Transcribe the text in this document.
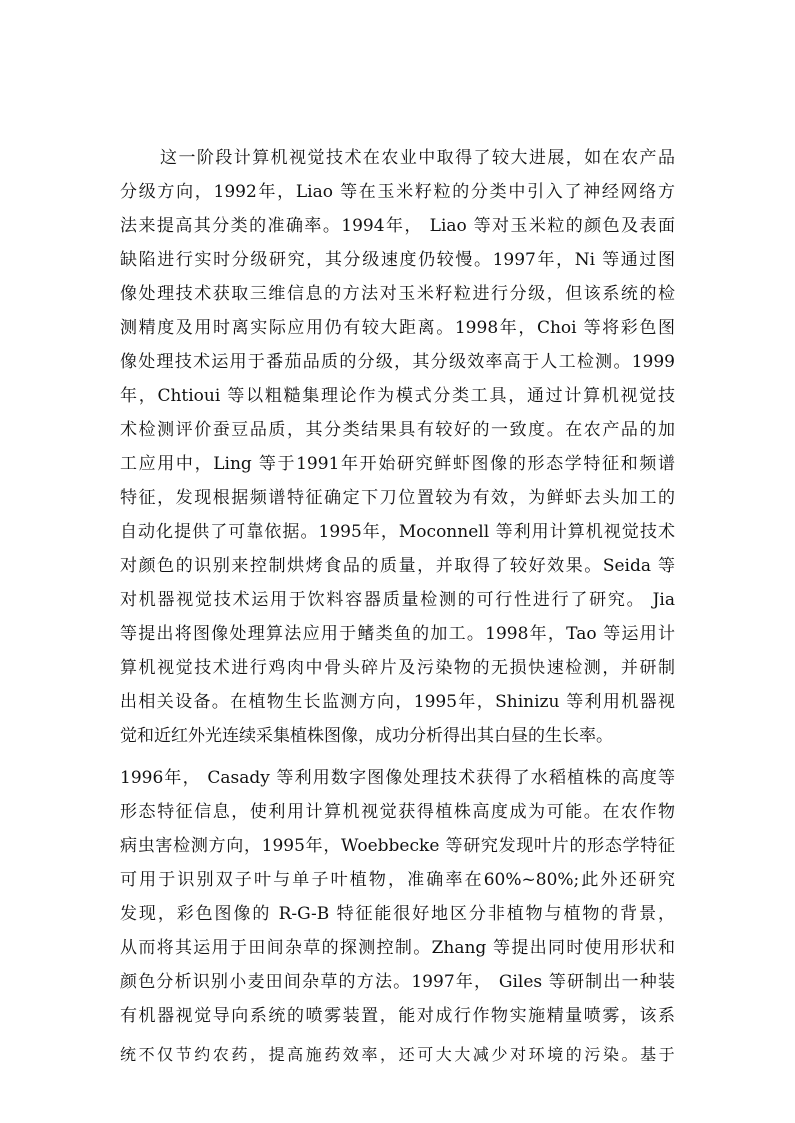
这一阶段计算机视觉技术在农业中取得了较大进展，如在农产品

分级方向，1992年，Liao 等在玉米籽粒的分类中引入了神经网络方

法来提高其分类的准确率。1994年， Liao 等对玉米粒的颜色及表面

缺陷进行实时分级研究，其分级速度仍较慢。1997年，Ni 等通过图

像处理技术获取三维信息的方法对玉米籽粒进行分级，但该系统的检

测精度及用时离实际应用仍有较大距离。1998年，Choi 等将彩色图

像处理技术运用于番茄品质的分级，其分级效率高于人工检测。1999

年，Chtioui 等以粗糙集理论作为模式分类工具，通过计算机视觉技

术检测评价蚕豆品质，其分类结果具有较好的一致度。在农产品的加

工应用中，Ling 等于1991年开始研究鲜虾图像的形态学特征和频谱

特征，发现根据频谱特征确定下刀位置较为有效，为鲜虾去头加工的

自动化提供了可靠依据。1995年，Moconnell 等利用计算机视觉技术

对颜色的识别来控制烘烤食品的质量，并取得了较好效果。Seida 等

对机器视觉技术运用于饮料容器质量检测的可行性进行了研究。 Jia

等提出将图像处理算法应用于鳍类鱼的加工。1998年，Tao 等运用计

算机视觉技术进行鸡肉中骨头碎片及污染物的无损快速检测，并研制

出相关设备。在植物生长监测方向，1995年，Shinizu 等利用机器视

觉和近红外光连续采集植株图像，成功分析得出其白昼的生长率。

1996年， Casady 等利用数字图像处理技术获得了水稻植株的高度等

形态特征信息，使利用计算机视觉获得植株高度成为可能。在农作物

病虫害检测方向，1995年，Woebbecke 等研究发现叶片的形态学特征

可用于识别双子叶与单子叶植物，准确率在60%~80%;此外还研究

发现，彩色图像的 R-G-B 特征能很好地区分非植物与植物的背景，

从而将其运用于田间杂草的探测控制。Zhang 等提出同时使用形状和

颜色分析识别小麦田间杂草的方法。1997年， Giles 等研制出一种装

有机器视觉导向系统的喷雾装置，能对成行作物实施精量喷雾，该系

统不仅节约农药，提高施药效率，还可大大减少对环境的污染。基于
